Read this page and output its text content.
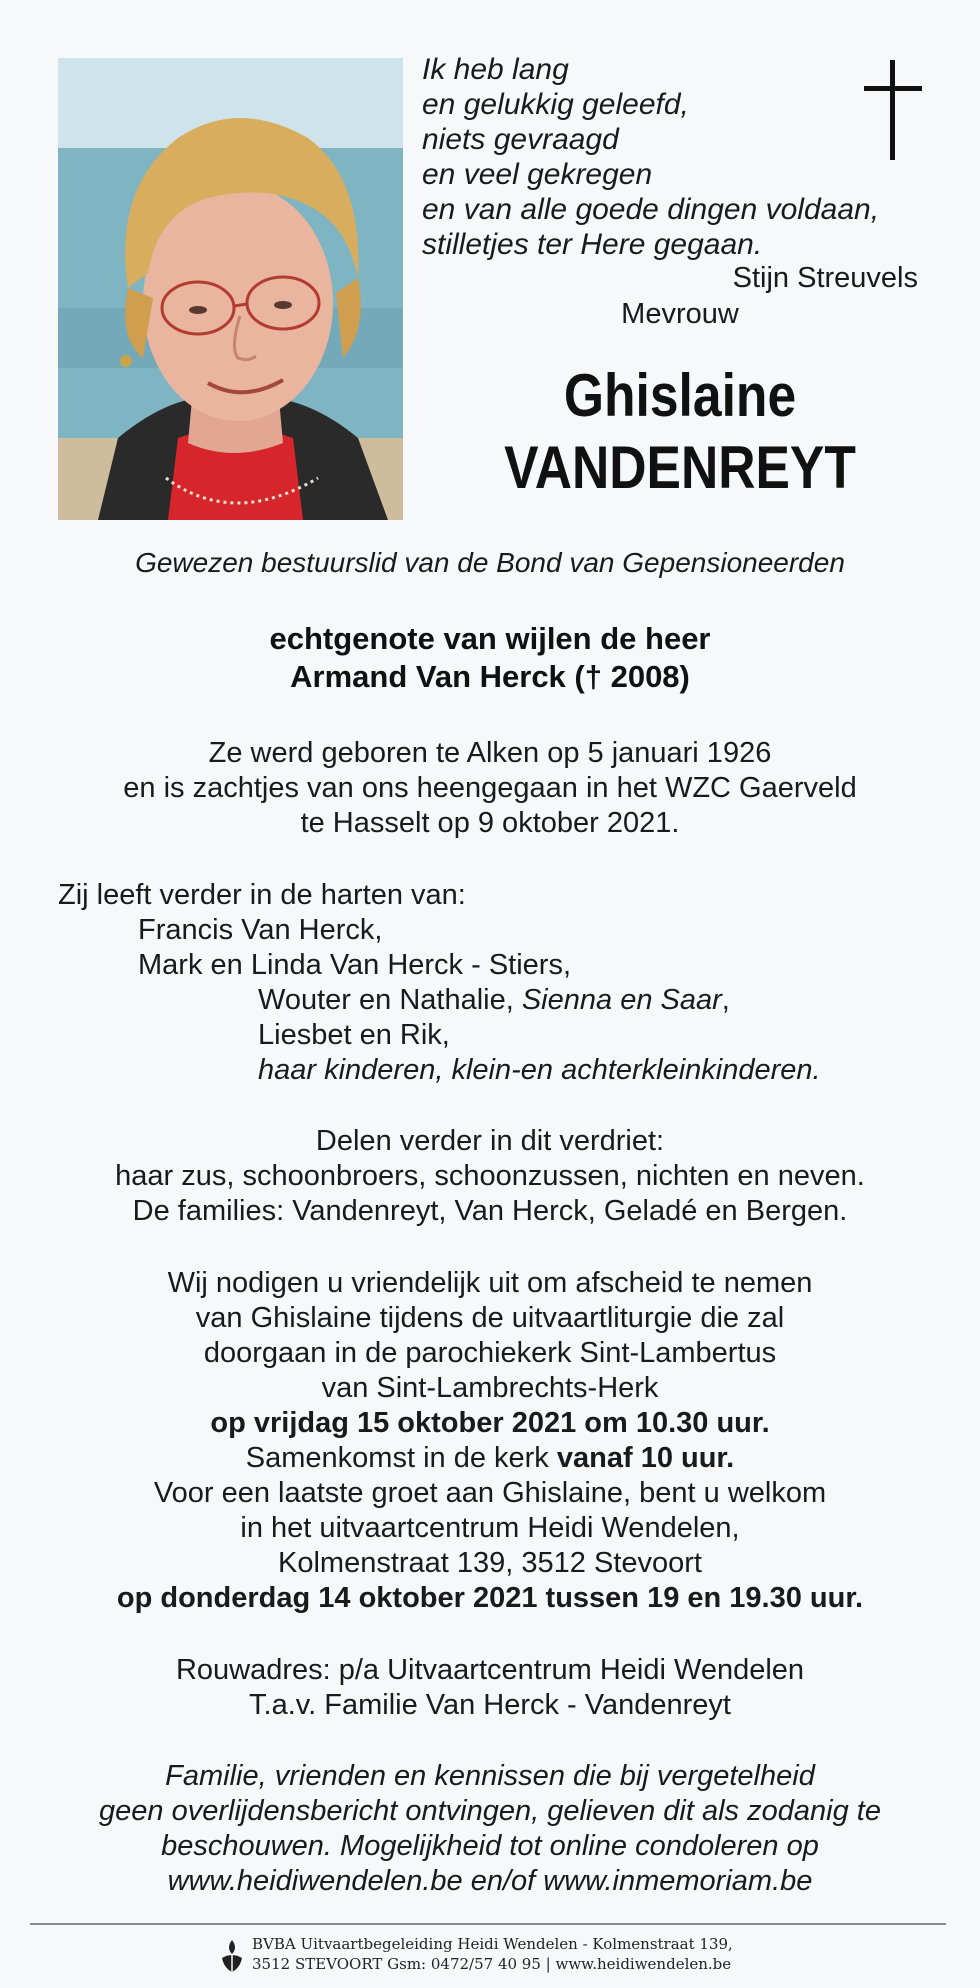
Ik heb lang
en gelukkig geleefd,
niets gevraagd
en veel gekregen
en van alle goede dingen voldaan,
stilletjes ter Here gegaan.
Stijn Streuvels
Mevrouw
Ghislaine
VANDENREYT
Gewezen bestuurslid van de Bond van Gepensioneerden
echtgenote van wijlen de heer
Armand Van Herck († 2008)
Ze werd geboren te Alken op 5 januari 1926
en is zachtjes van ons heengegaan in het WZC Gaerveld
te Hasselt op 9 oktober 2021.
Zij leeft verder in de harten van:
Francis Van Herck,
Mark en Linda Van Herck - Stiers,
Wouter en Nathalie, Sienna en Saar,
Liesbet en Rik,
haar kinderen, klein-en achterkleinkinderen.
Delen verder in dit verdriet:
haar zus, schoonbroers, schoonzussen, nichten en neven.
De families: Vandenreyt, Van Herck, Geladé en Bergen.
Wij nodigen u vriendelijk uit om afscheid te nemen
van Ghislaine tijdens de uitvaartliturgie die zal
doorgaan in de parochiekerk Sint-Lambertus
van Sint-Lambrechts-Herk
op vrijdag 15 oktober 2021 om 10.30 uur.
Samenkomst in de kerk vanaf 10 uur.
Voor een laatste groet aan Ghislaine, bent u welkom
in het uitvaartcentrum Heidi Wendelen,
Kolmenstraat 139, 3512 Stevoort
op donderdag 14 oktober 2021 tussen 19 en 19.30 uur.
Rouwadres: p/a Uitvaartcentrum Heidi Wendelen
T.a.v. Familie Van Herck - Vandenreyt
Familie, vrienden en kennissen die bij vergetelheid
geen overlijdensbericht ontvingen, gelieven dit als zodanig te
beschouwen. Mogelijkheid tot online condoleren op
www.heidiwendelen.be en/of www.inmemoriam.be
BVBA Uitvaartbegeleiding Heidi Wendelen - Kolmenstraat 139,
3512 STEVOORT Gsm: 0472/57 40 95 | www.heidiwendelen.be
